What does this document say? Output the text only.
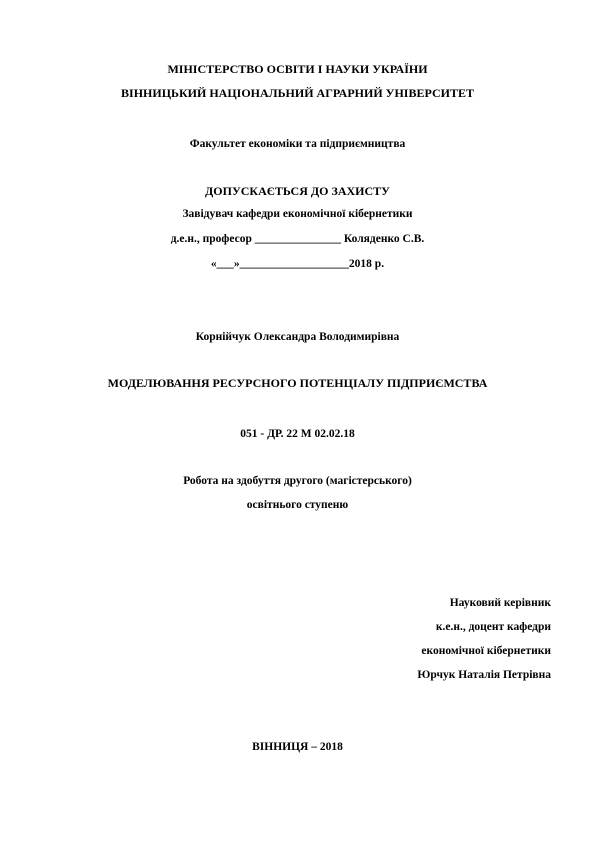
МІНІСТЕРСТВО ОСВІТИ І НАУКИ УКРАЇНИ
ВІННИЦЬКИЙ НАЦІОНАЛЬНИЙ АГРАРНИЙ УНІВЕРСИТЕТ
Факультет економіки та підприємництва
ДОПУСКАЄТЬСЯ ДО ЗАХИСТУ
Завідувач кафедри економічної кібернетики
д.е.н., професор _______________ Коляденко С.В.
«___»___________________2018 р.
Корнійчук Олександра Володимирівна
МОДЕЛЮВАННЯ РЕСУРСНОГО ПОТЕНЦІАЛУ ПІДПРИЄМСТВА
051 - ДР. 22 М 02.02.18
Робота на здобуття другого (магістерського)
освітнього ступеню
Науковий керівник
к.е.н., доцент кафедри
економічної кібернетики
Юрчук Наталія Петрівна
ВІННИЦЯ – 2018
